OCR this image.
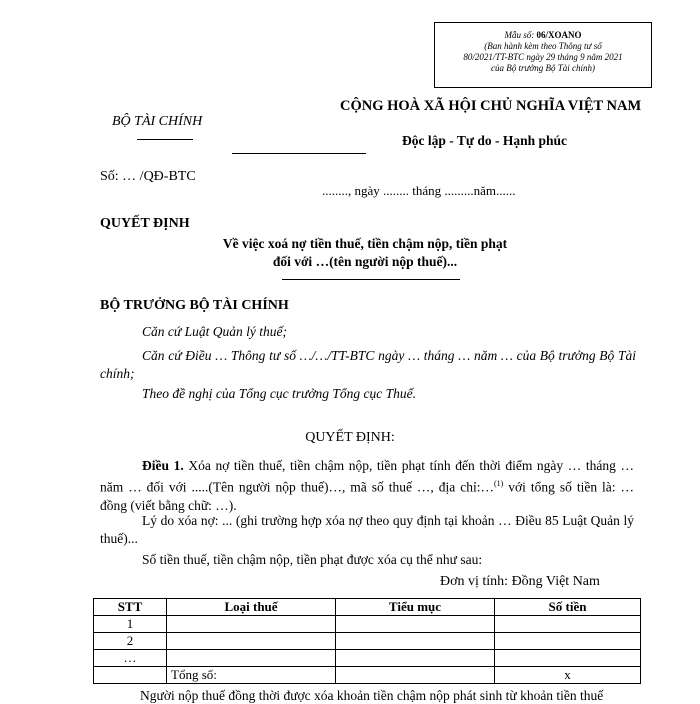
Mẫu số: 06/XOANO
(Ban hành kèm theo Thông tư số
80/2021/TT-BTC ngày 29 tháng 9 năm 2021
của Bộ trưởng Bộ Tài chính)
BỘ TÀI CHÍNH
CỘNG HOÀ XÃ HỘI CHỦ NGHĨA VIỆT NAM
Độc lập - Tự do - Hạnh phúc
Số: … /QĐ-BTC
........, ngày ........ tháng .........năm......
QUYẾT ĐỊNH
Về việc xoá nợ tiền thuế, tiền chậm nộp, tiền phạt
đối với …(tên người nộp thuế)...
BỘ TRƯỞNG BỘ TÀI CHÍNH
Căn cứ Luật Quản lý thuế;
Căn cứ Điều … Thông tư số …/…/TT-BTC ngày … tháng … năm … của Bộ trưởng Bộ Tài chính;
Theo đề nghị của Tổng cục trưởng Tổng cục Thuế.
QUYẾT ĐỊNH:
Điều 1. Xóa nợ tiền thuế, tiền chậm nộp, tiền phạt tính đến thời điểm ngày … tháng … năm … đối với .....(Tên người nộp thuế)…, mã số thuế …, địa chỉ:…$^{(1)}$ với tổng số tiền là: … đồng (viết bằng chữ: …).
Lý do xóa nợ: ... (ghi trường hợp xóa nợ theo quy định tại khoản … Điều 85 Luật Quản lý thuế)...
Số tiền thuế, tiền chậm nộp, tiền phạt được xóa cụ thể như sau:
Đơn vị tính: Đồng Việt Nam
STT	Loại thuế	Tiểu mục	Số tiền
1			
2			
…			
	Tổng số:		x
Người nộp thuế đồng thời được xóa khoản tiền chậm nộp phát sinh từ khoản tiền thuế
